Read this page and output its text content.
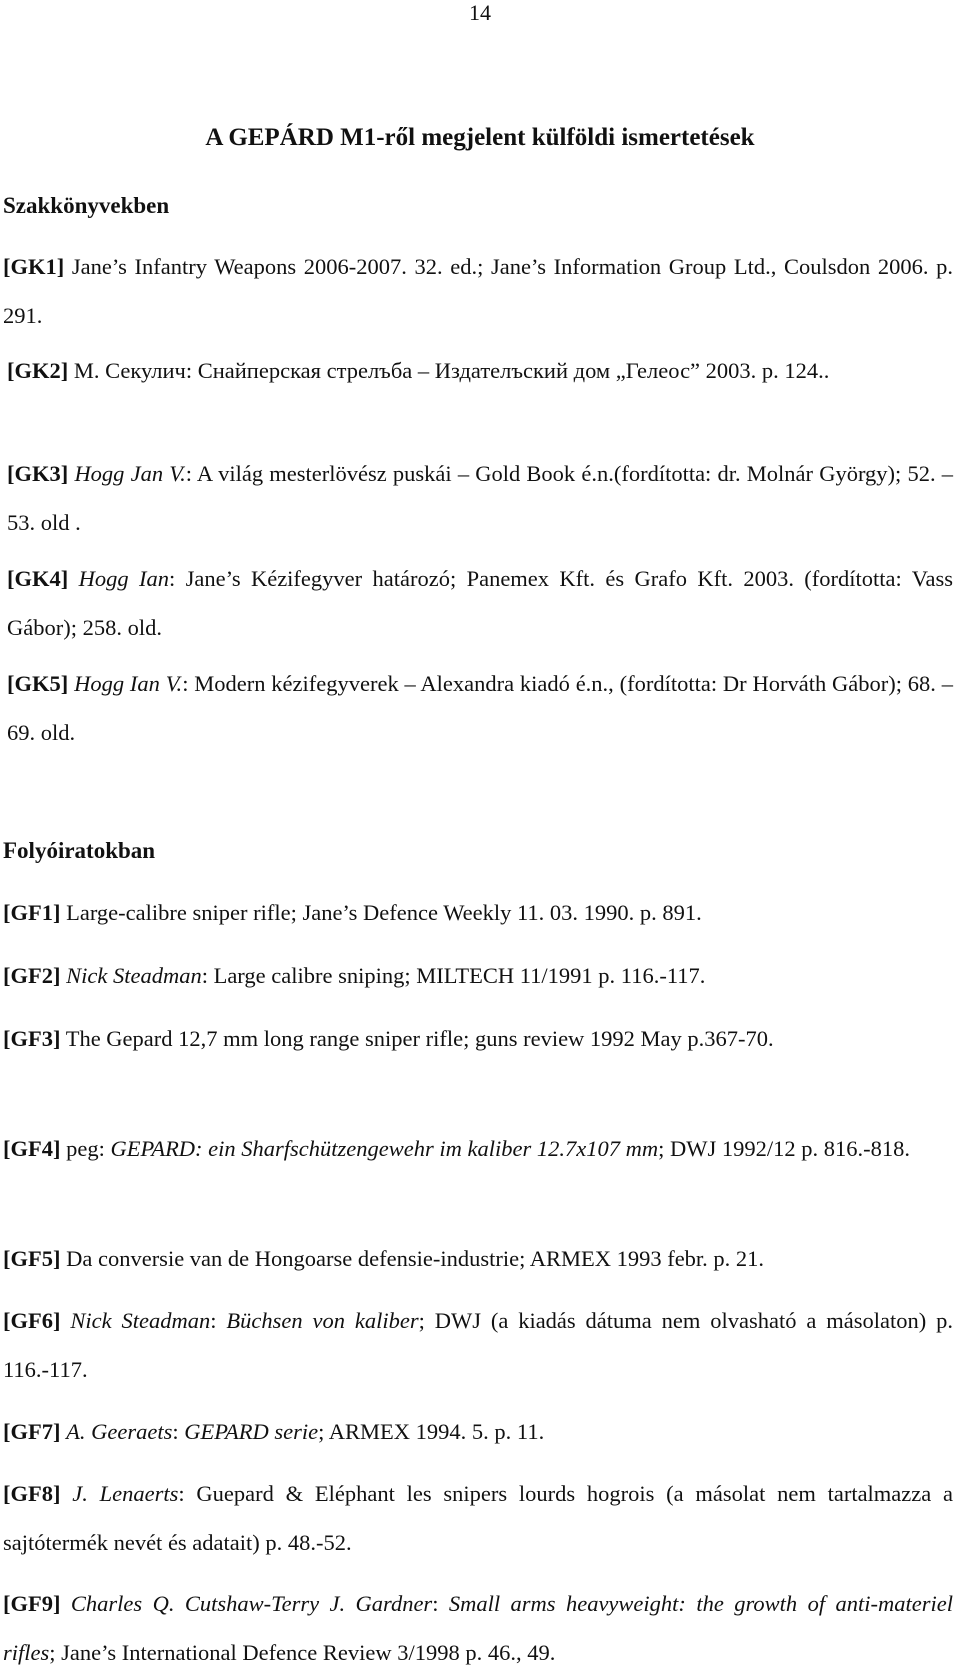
14
A GEPÁRD M1-ről megjelent külföldi ismertetések
Szakkönyvekben
[GK1] Jane’s Infantry Weapons 2006-2007. 32. ed.; Jane’s Information Group Ltd., Coulsdon 2006. p. 291.
[GK2] М. Секулич: Снайперская стрелъба – Издателъский дом „Гелеос” 2003. p. 124..
[GK3] Hogg Jan V.: A világ mesterlövész puskái – Gold Book é.n.(fordította: dr. Molnár György); 52. – 53. old .
[GK4] Hogg Ian: Jane’s Kézifegyver határozó; Panemex Kft. és Grafo Kft. 2003. (fordította: Vass Gábor); 258. old.
[GK5] Hogg Ian V.: Modern kézifegyverek – Alexandra kiadó é.n., (fordította: Dr Horváth Gábor); 68. – 69. old.
Folyóiratokban
[GF1] Large-calibre sniper rifle; Jane’s Defence Weekly 11. 03. 1990. p. 891.
[GF2] Nick Steadman: Large calibre sniping; MILTECH 11/1991 p. 116.-117.
[GF3] The Gepard 12,7 mm long range sniper rifle; guns review 1992 May p.367-70.
[GF4] peg: GEPARD: ein Sharfschützengewehr im kaliber 12.7x107 mm; DWJ 1992/12 p. 816.-818.
[GF5] Da conversie van de Hongoarse defensie-industrie; ARMEX 1993 febr. p. 21.
[GF6] Nick Steadman: Büchsen von kaliber; DWJ (a kiadás dátuma nem olvasható a másolaton) p. 116.-117.
[GF7] A. Geeraets: GEPARD serie; ARMEX 1994. 5. p. 11.
[GF8] J. Lenaerts: Guepard & Eléphant les snipers lourds hogrois (a másolat nem tartalmazza a sajtótermék nevét és adatait) p. 48.-52.
[GF9] Charles Q. Cutshaw-Terry J. Gardner: Small arms heavyweight: the growth of anti-materiel rifles; Jane’s International Defence Review 3/1998 p. 46., 49.
